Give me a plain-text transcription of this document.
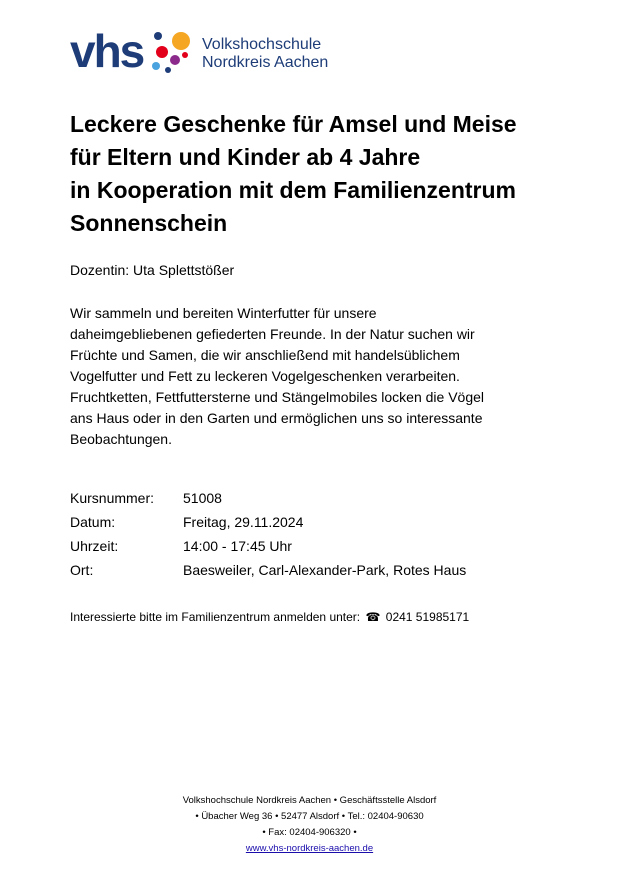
vhs	Volkshochschule
Nordkreis Aachen
Leckere Geschenke für Amsel und Meise
für Eltern und Kinder ab 4 Jahre
in Kooperation mit dem Familienzentrum
Sonnenschein
Dozentin: Uta Splettstößer
Wir sammeln und bereiten Winterfutter für unsere
daheimgebliebenen gefiederten Freunde. In der Natur suchen wir
Früchte und Samen, die wir anschließend mit handelsüblichem
Vogelfutter und Fett zu leckeren Vogelgeschenken verarbeiten.
Fruchtketten, Fettfuttersterne und Stängelmobiles locken die Vögel
ans Haus oder in den Garten und ermöglichen uns so interessante
Beobachtungen.
Kursnummer: 51008
Datum:	Freitag, 29.11.2024
Uhrzeit:	14:00 - 17:45 Uhr
Ort:	Baesweiler, Carl-Alexander-Park, Rotes Haus
Interessierte bitte im Familienzentrum anmelden unter: ☎ 0241 51985171
Volkshochschule Nordkreis Aachen • Geschäftsstelle Alsdorf
• Übacher Weg 36 • 52477 Alsdorf • Tel.: 02404-90630
• Fax: 02404-906320 •
www.vhs-nordkreis-aachen.de
